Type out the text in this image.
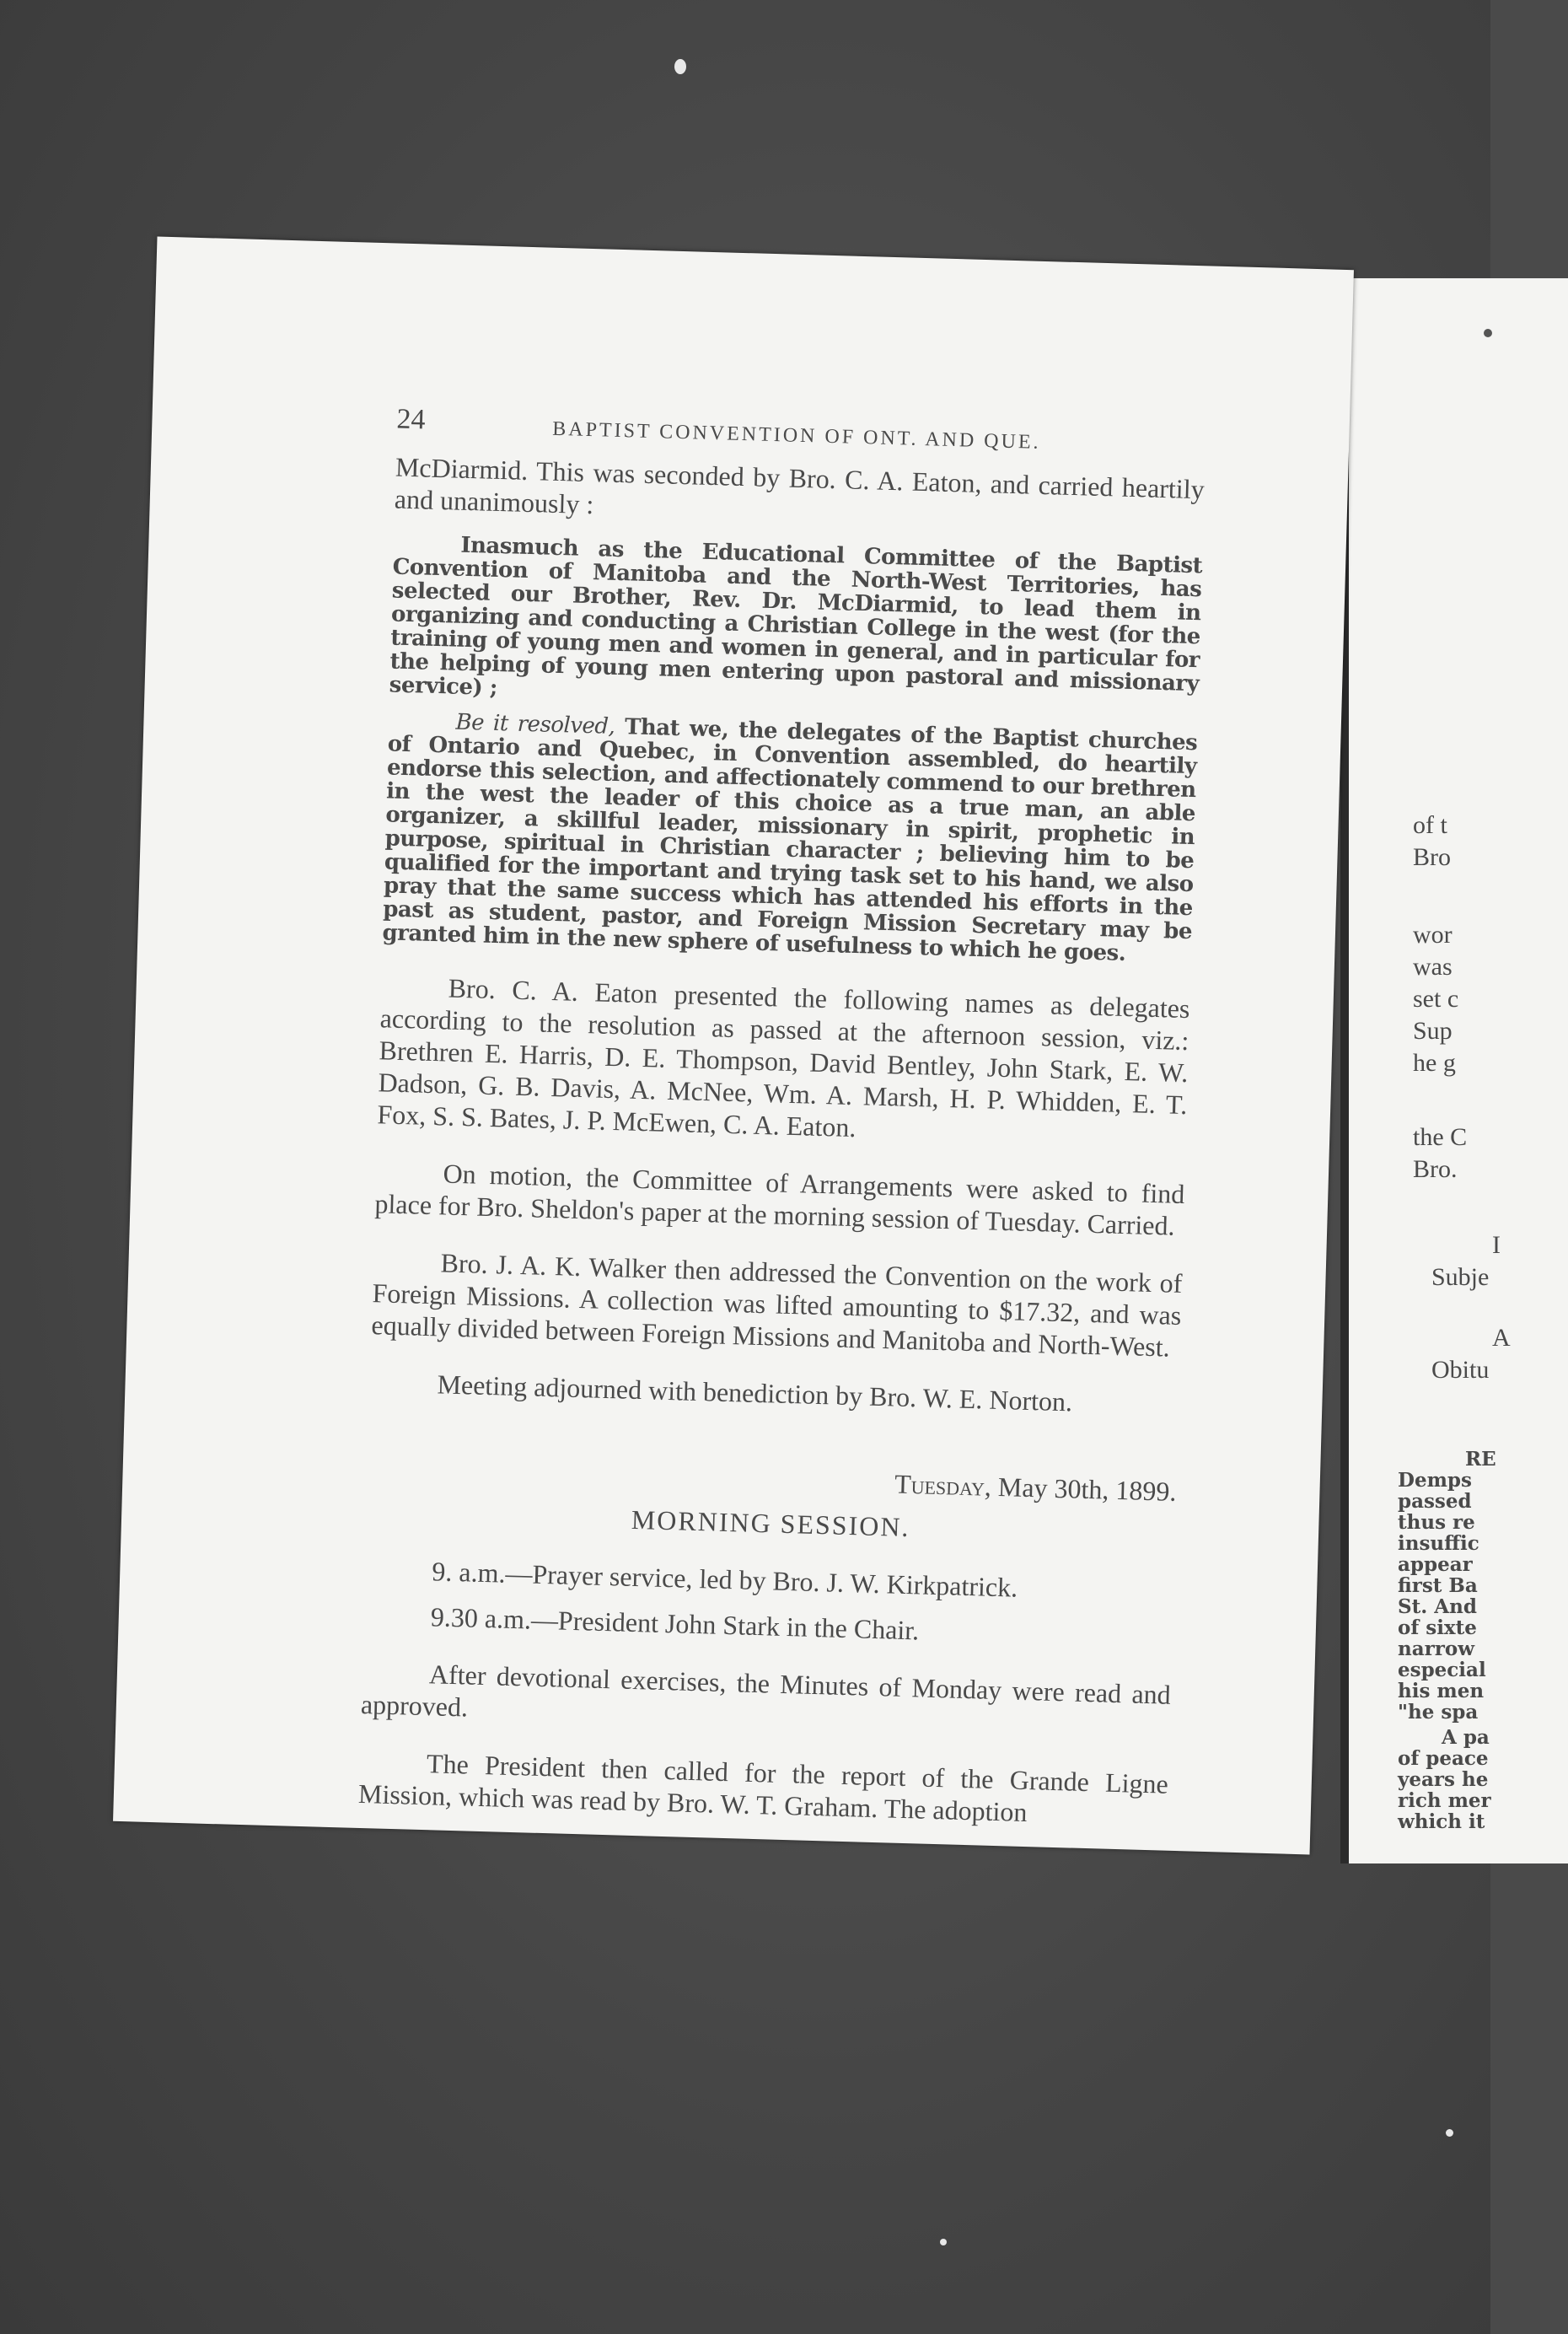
of t
Bro
wor
was
set c
Sup
he g
the C
Bro.
I
Subje
A
Obitu
RE
Demps
passed
thus re
insuffic
appear
first Ba
St. And
of sixte
narrow
especial
his men
"he spa
A pa
of peace
years he
rich mer
which it
24	BAPTIST CONVENTION OF ONT. AND QUE.

McDiarmid. This was seconded by Bro. C. A. Eaton, and carried heartily and unanimously :

Inasmuch as the Educational Committee of the Baptist Convention of Manitoba and the North-West Territories, has selected our Brother, Rev. Dr. McDiarmid, to lead them in organizing and conducting a Christian College in the west (for the training of young men and women in general, and in particular for the helping of young men entering upon pastoral and missionary service) ;

Be it resolved, That we, the delegates of the Baptist churches of Ontario and Quebec, in Convention assembled, do heartily endorse this selection, and affectionately commend to our brethren in the west the leader of this choice as a true man, an able organizer, a skillful leader, missionary in spirit, prophetic in purpose, spiritual in Christian character ; believing him to be qualified for the important and trying task set to his hand, we also pray that the same success which has attended his efforts in the past as student, pastor, and Foreign Mission Secretary may be granted him in the new sphere of usefulness to which he goes.

Bro. C. A. Eaton presented the following names as delegates according to the resolution as passed at the afternoon session, viz.: Brethren E. Harris, D. E. Thompson, David Bentley, John Stark, E. W. Dadson, G. B. Davis, A. McNee, Wm. A. Marsh, H. P. Whidden, E. T. Fox, S. S. Bates, J. P. McEwen, C. A. Eaton.

On motion, the Committee of Arrangements were asked to find place for Bro. Sheldon's paper at the morning session of Tuesday. Carried.

Bro. J. A. K. Walker then addressed the Convention on the work of Foreign Missions. A collection was lifted amounting to $17.32, and was equally divided between Foreign Missions and Manitoba and North-West.

Meeting adjourned with benediction by Bro. W. E. Norton.

Tuesday, May 30th, 1899.

MORNING SESSION.

9. a.m.—Prayer service, led by Bro. J. W. Kirkpatrick.

9.30 a.m.—President John Stark in the Chair.

After devotional exercises, the Minutes of Monday were read and approved.

The President then called for the report of the Grande Ligne Mission, which was read by Bro. W. T. Graham. The adoption
